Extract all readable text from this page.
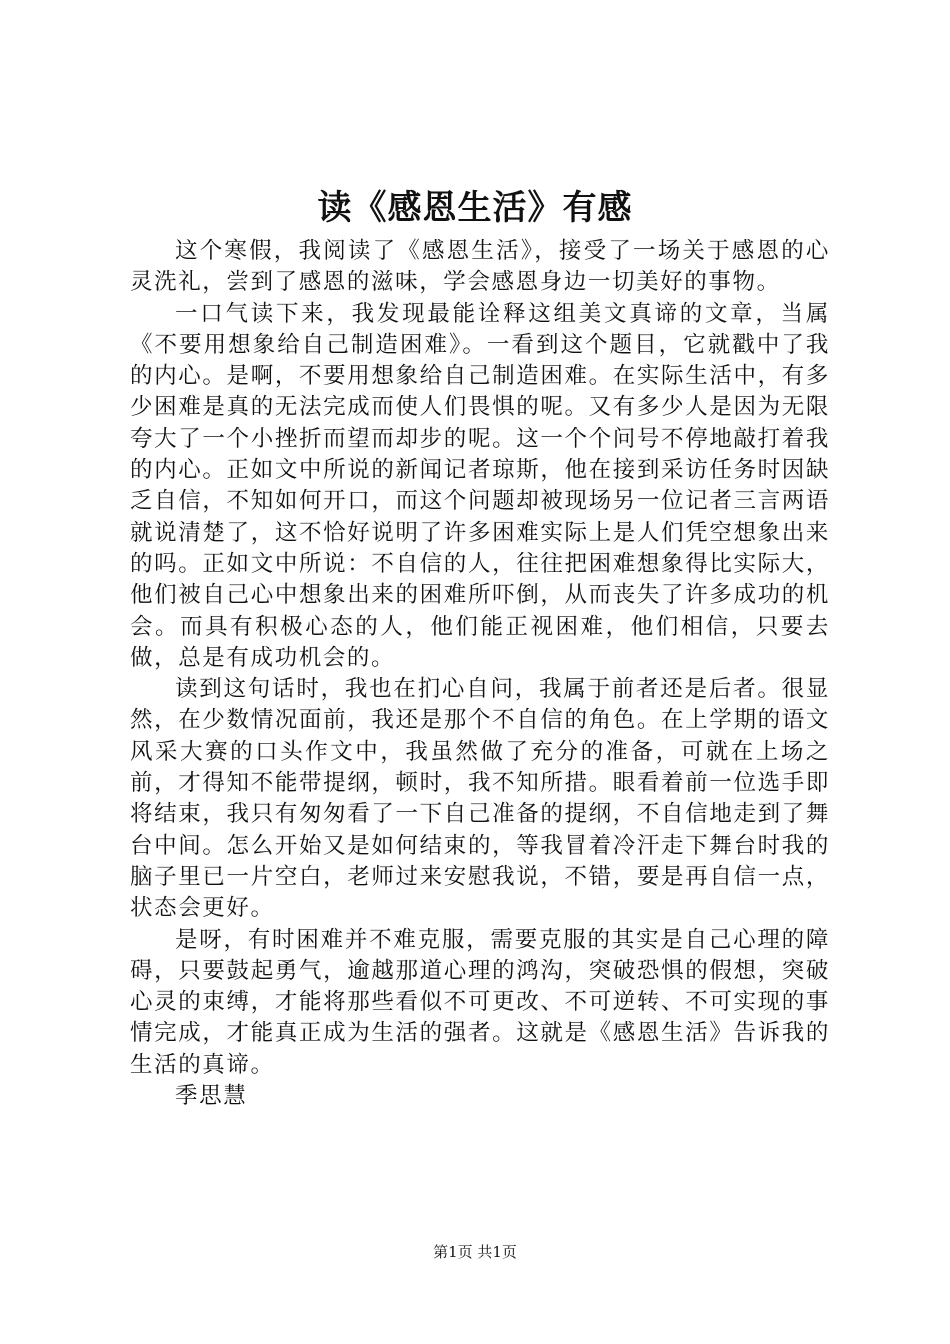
读《感恩生活》有感

这个寒假，我阅读了《感恩生活》，接受了一场关于感恩的心灵洗礼，尝到了感恩的滋味，学会感恩身边一切美好的事物。

一口气读下来，我发现最能诠释这组美文真谛的文章，当属《不要用想象给自己制造困难》。一看到这个题目，它就戳中了我的内心。是啊，不要用想象给自己制造困难。在实际生活中，有多少困难是真的无法完成而使人们畏惧的呢。又有多少人是因为无限夸大了一个小挫折而望而却步的呢。这一个个问号不停地敲打着我的内心。正如文中所说的新闻记者琼斯，他在接到采访任务时因缺乏自信，不知如何开口，而这个问题却被现场另一位记者三言两语就说清楚了，这不恰好说明了许多困难实际上是人们凭空想象出来的吗。正如文中所说：不自信的人，往往把困难想象得比实际大，他们被自己心中想象出来的困难所吓倒，从而丧失了许多成功的机会。而具有积极心态的人，他们能正视困难，他们相信，只要去做，总是有成功机会的。

读到这句话时，我也在扪心自问，我属于前者还是后者。很显然，在少数情况面前，我还是那个不自信的角色。在上学期的语文风采大赛的口头作文中，我虽然做了充分的准备，可就在上场之前，才得知不能带提纲，顿时，我不知所措。眼看着前一位选手即将结束，我只有匆匆看了一下自己准备的提纲，不自信地走到了舞台中间。怎么开始又是如何结束的，等我冒着冷汗走下舞台时我的脑子里已一片空白，老师过来安慰我说，不错，要是再自信一点，状态会更好。

是呀，有时困难并不难克服，需要克服的其实是自己心理的障碍，只要鼓起勇气，逾越那道心理的鸿沟，突破恐惧的假想，突破心灵的束缚，才能将那些看似不可更改、不可逆转、不可实现的事情完成，才能真正成为生活的强者。这就是《感恩生活》告诉我的生活的真谛。

季思慧

第1页 共1页
